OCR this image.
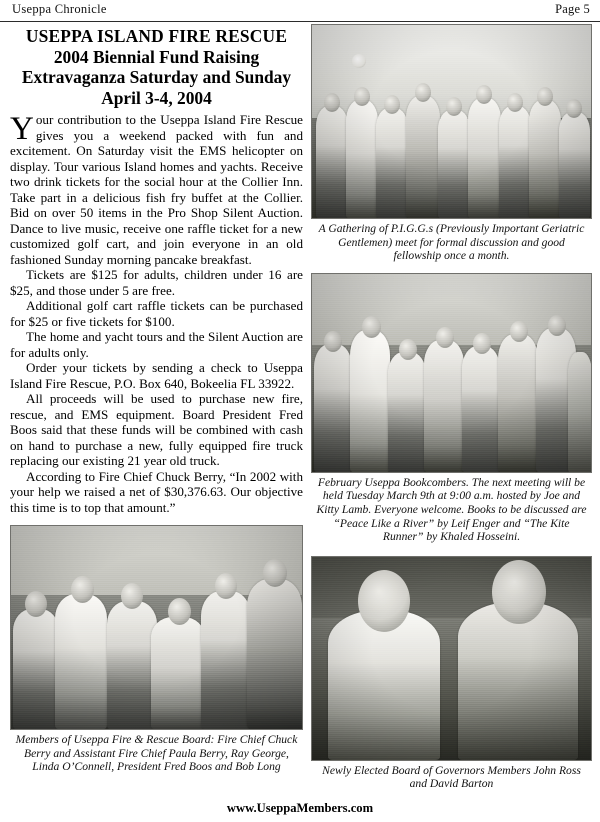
Useppa Chronicle	Page 5
USEPPA ISLAND FIRE RESCUE
2004 Biennial Fund Raising
Extravaganza Saturday and Sunday
April 3-4, 2004

Your contribution to the Useppa Island Fire Rescue gives you a weekend packed with fun and excitement. On Saturday visit the EMS helicopter on display. Tour various Island homes and yachts. Receive two drink tickets for the social hour at the Collier Inn. Take part in a delicious fish fry buffet at the Collier. Bid on over 50 items in the Pro Shop Silent Auction. Dance to live music, receive one raffle ticket for a new customized golf cart, and join everyone in an old fashioned Sunday morning pancake breakfast.

Tickets are $125 for adults, children under 16 are $25, and those under 5 are free.

Additional golf cart raffle tickets can be purchased for $25 or five tickets for $100.

The home and yacht tours and the Silent Auction are for adults only.

Order your tickets by sending a check to Useppa Island Fire Rescue, P.O. Box 640, Bokeelia FL 33922.

All proceeds will be used to purchase new fire, rescue, and EMS equipment. Board President Fred Boos said that these funds will be combined with cash on hand to purchase a new, fully equipped fire truck replacing our existing 21 year old truck.

According to Fire Chief Chuck Berry, “In 2002 with your help we raised a net of $30,376.63. Our objective this time is to top that amount.”

Members of Useppa Fire & Rescue Board: Fire Chief Chuck Berry and Assistant Fire Chief Paula Berry, Ray George, Linda O’Connell, President Fred Boos and Bob Long
A Gathering of P.I.G.G.s (Previously Important Geriatric Gentlemen) meet for formal discussion and good fellowship once a month.
February Useppa Bookcombers. The next meeting will be held Tuesday March 9th at 9:00 a.m. hosted by Joe and Kitty Lamb. Everyone welcome. Books to be discussed are “Peace Like a River” by Leif Enger and “The Kite Runner” by Khaled Hosseini.
Newly Elected Board of Governors Members John Ross and David Barton
www.UseppaMembers.com
